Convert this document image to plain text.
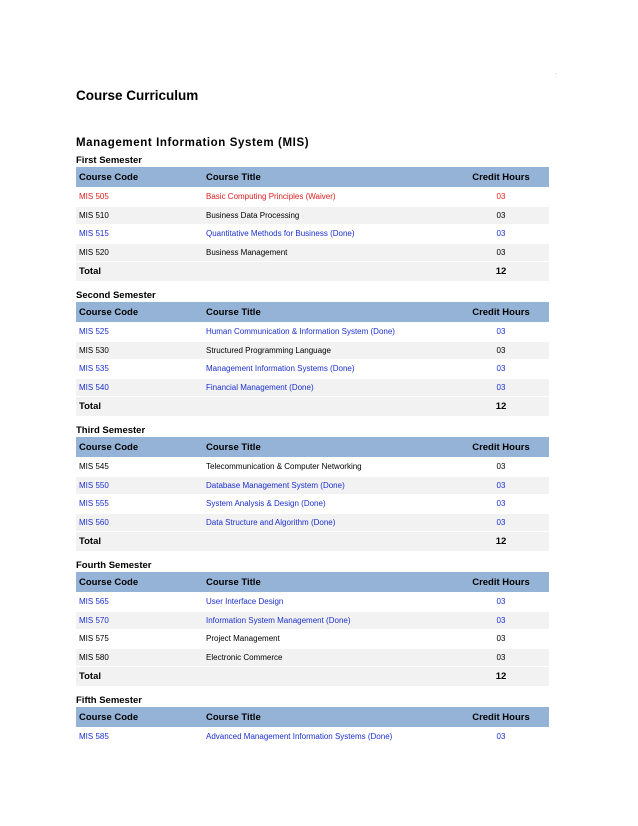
.
Course Curriculum
Management Information System (MIS)
First Semester
Course Code	Course Title	Credit Hours
MIS 505	Basic Computing Principles (Waiver)	03
MIS 510	Business Data Processing	03
MIS 515	Quantitative Methods for Business (Done)	03
MIS 520	Business Management	03
Total		12
Second Semester
Course Code	Course Title	Credit Hours
MIS 525	Human Communication & Information System (Done)	03
MIS 530	Structured Programming Language	03
MIS 535	Management Information Systems (Done)	03
MIS 540	Financial Management (Done)	03
Total		12
Third Semester
Course Code	Course Title	Credit Hours
MIS 545	Telecommunication & Computer Networking	03
MIS 550	Database Management System (Done)	03
MIS 555	System Analysis & Design (Done)	03
MIS 560	Data Structure and Algorithm (Done)	03
Total		12
Fourth Semester
Course Code	Course Title	Credit Hours
MIS 565	User Interface Design	03
MIS 570	Information System Management (Done)	03
MIS 575	Project Management	03
MIS 580	Electronic Commerce	03
Total		12
Fifth Semester
Course Code	Course Title	Credit Hours
MIS 585	Advanced Management Information Systems (Done)	03
